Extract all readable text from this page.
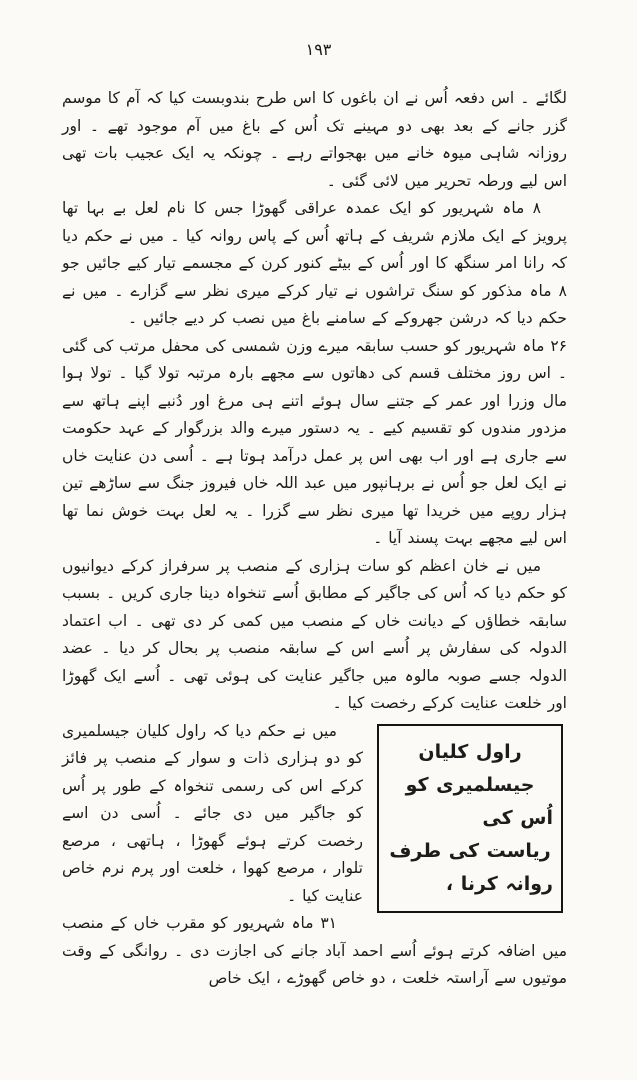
۱۹۳

لگائے ۔ اس دفعہ اُس نے ان باغوں کا اس طرح بندوبست کیا کہ آم کا موسم گزر جانے کے بعد بھی دو مہینے تک اُس کے باغ میں آم موجود تھے ۔ اور روزانہ شاہی میوہ خانے میں بھجواتے رہے ۔ چونکہ یہ ایک عجیب بات تھی اس لیے ورطہ تحریر میں لائی گئی ۔

۸ ماہ شہریور کو ایک عمدہ عراقی گھوڑا جس کا نام لعل بے بہا تھا پرویز کے ایک ملازم شریف کے ہاتھ اُس کے پاس روانہ کیا ۔ میں نے حکم دیا کہ رانا امر سنگھ کا اور اُس کے بیٹے کنور کرن کے مجسمے تیار کیے جائیں جو ۸ ماہ مذکور کو سنگ تراشوں نے تیار کرکے میری نظر سے گزارے ۔ میں نے حکم دیا کہ درشن جھروکے کے سامنے باغ میں نصب کر دیے جائیں ۔

۲۶ ماہ شہریور کو حسب سابقہ میرے وزن شمسی کی محفل مرتب کی گئی ۔ اس روز مختلف قسم کی دھاتوں سے مجھے بارہ مرتبہ تولا گیا ۔ تولا ہوا مال وزرا اور عمر کے جتنے سال ہوئے اتنے ہی مرغ اور دُنبے اپنے ہاتھ سے مزدور مندوں کو تقسیم کیے ۔ یہ دستور میرے والد بزرگوار کے عہد حکومت سے جاری ہے اور اب بھی اس پر عمل درآمد ہوتا ہے ۔ اُسی دن عنایت خاں نے ایک لعل جو اُس نے برہانپور میں عبد اللہ خاں فیروز جنگ سے ساڑھے تین ہزار روپے میں خریدا تھا میری نظر سے گزرا ۔ یہ لعل بہت خوش نما تھا اس لیے مجھے بہت پسند آیا ۔

میں نے خان اعظم کو سات ہزاری کے منصب پر سرفراز کرکے دیوانیوں کو حکم دیا کہ اُس کی جاگیر کے مطابق اُسے تنخواہ دینا جاری کریں ۔ بسبب سابقہ خطاؤں کے دیانت خاں کے منصب میں کمی کر دی تھی ۔ اب اعتماد الدولہ کی سفارش پر اُسے اس کے سابقہ منصب پر بحال کر دیا ۔ عضد الدولہ جسے صوبہ مالوہ میں جاگیر عنایت کی ہوئی تھی ۔ اُسے ایک گھوڑا اور خلعت عنایت کرکے رخصت کیا ۔

راول کلیان جیسلمیری کو اُس کی
ریاست کی طرف روانہ کرنا ،
میں نے حکم دیا کہ راول کلیان جیسلمیری کو دو ہزاری ذات و سوار کے منصب پر فائز کرکے اس کی رسمی تنخواہ کے طور پر اُس کو جاگیر میں دی جائے ۔ اُسی دن اسے رخصت کرتے ہوئے گھوڑا ، ہاتھی ، مرصع تلوار ، مرصع کھوا ، خلعت اور پرم نرم خاص عنایت کیا ۔

۳۱ ماہ شہریور کو مقرب خاں کے منصب میں اضافہ کرتے ہوئے اُسے احمد آباد جانے کی اجازت دی ۔ روانگی کے وقت موتیوں سے آراستہ خلعت ، دو خاص گھوڑے ، ایک خاص
